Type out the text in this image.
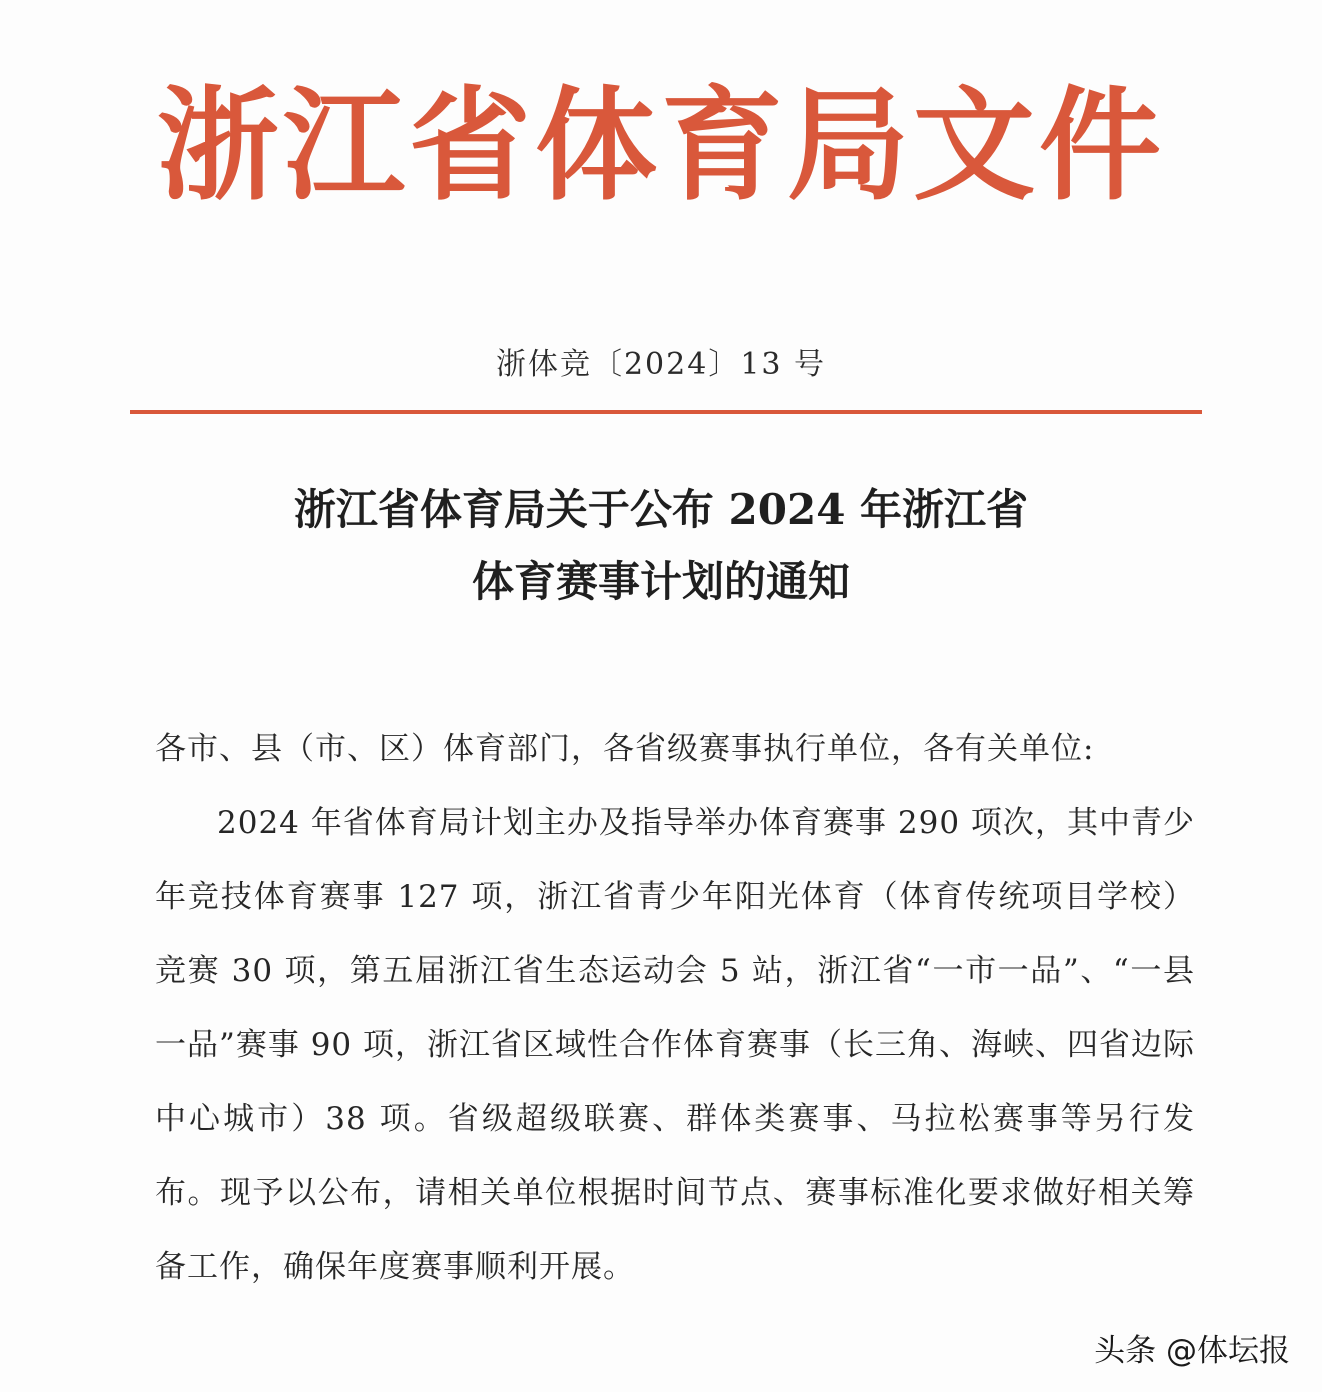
浙江省体育局文件
浙体竞〔2024〕13 号
浙江省体育局关于公布 2024 年浙江省
体育赛事计划的通知
各市、县（市、区）体育部门，各省级赛事执行单位，各有关单位:
2024 年省体育局计划主办及指导举办体育赛事 290 项次，其中青少年竞技体育赛事 127 项，浙江省青少年阳光体育（体育传统项目学校）竞赛 30 项，第五届浙江省生态运动会 5 站，浙江省“一市一品”、“一县一品”赛事 90 项，浙江省区域性合作体育赛事（长三角、海峡、四省边际中心城市）38 项。省级超级联赛、群体类赛事、马拉松赛事等另行发布。现予以公布，请相关单位根据时间节点、赛事标准化要求做好相关筹备工作，确保年度赛事顺利开展。
头条 @体坛报
